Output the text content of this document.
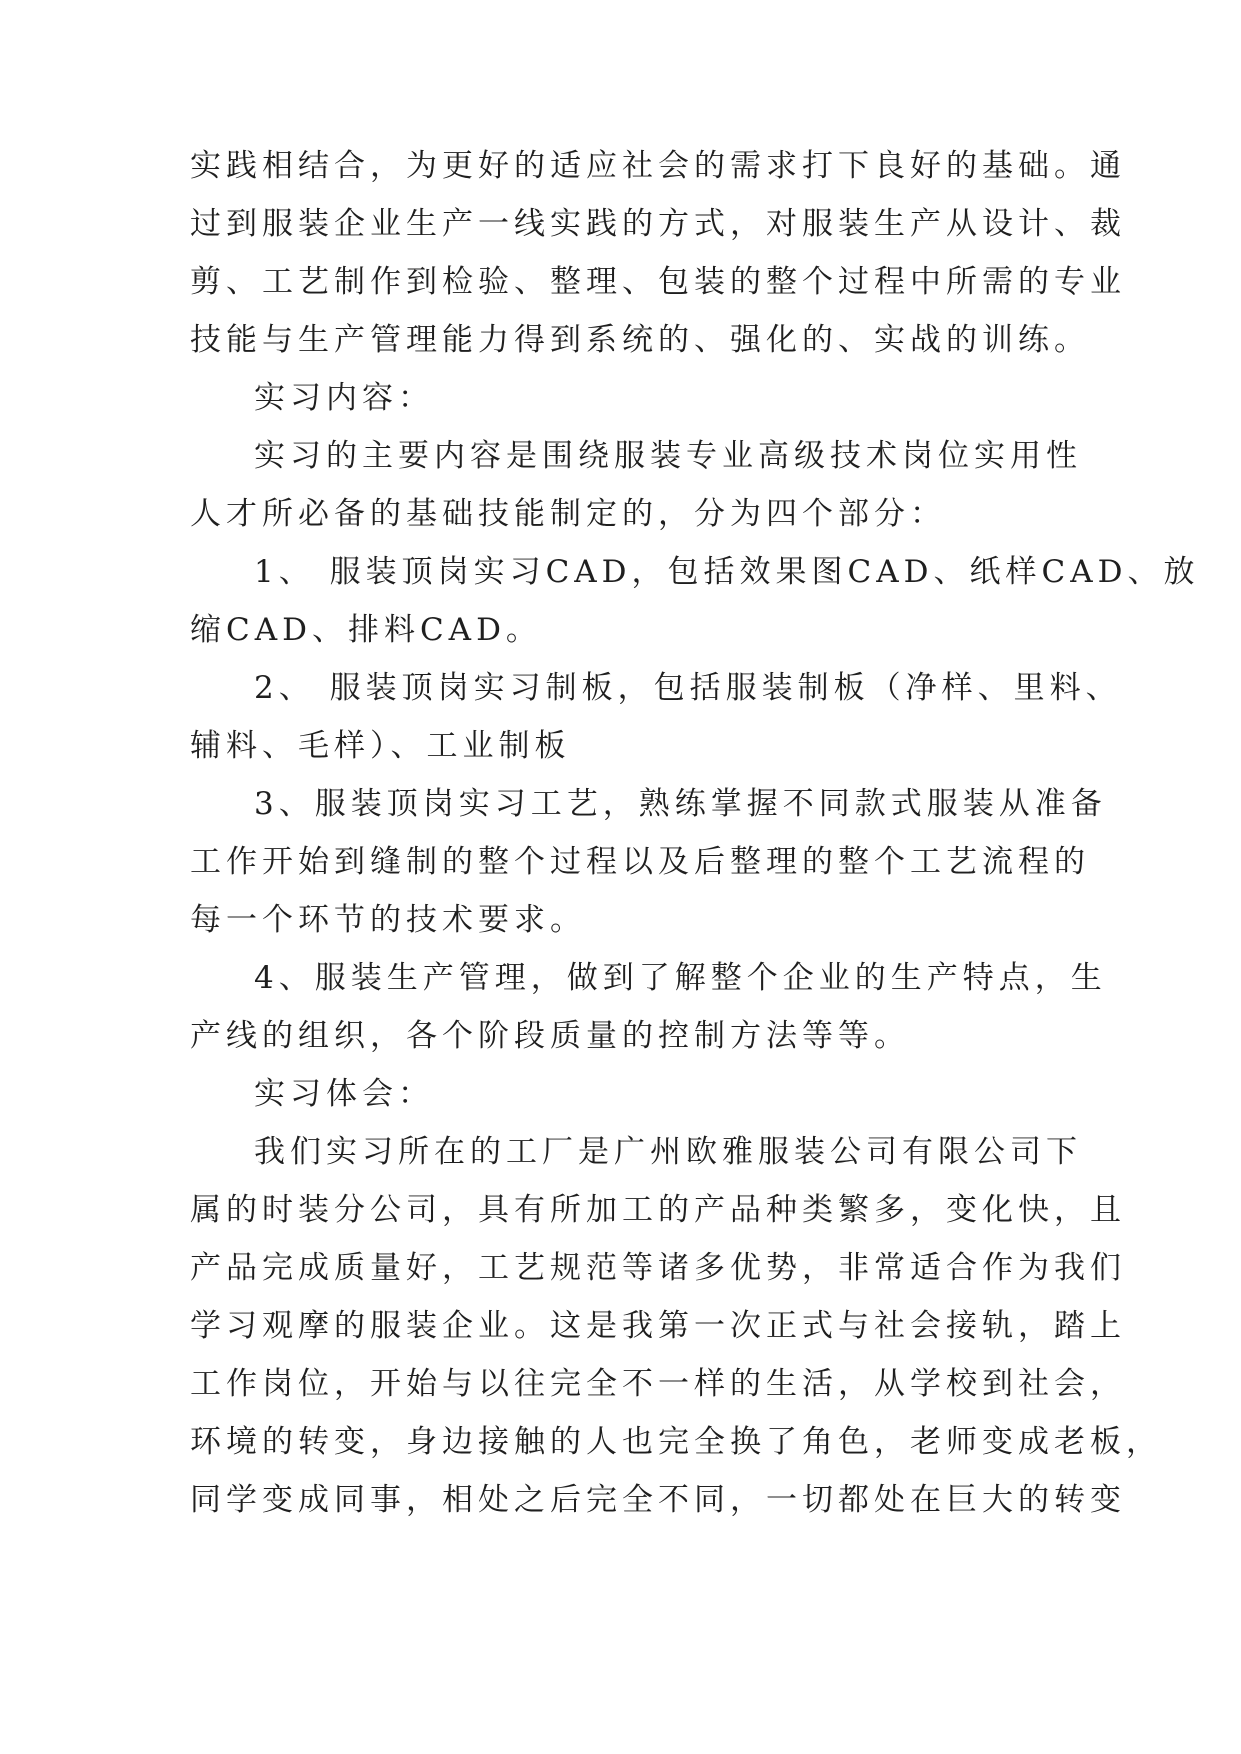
实践相结合，为更好的适应社会的需求打下良好的基础。通
过到服装企业生产一线实践的方式，对服装生产从设计、裁
剪、工艺制作到检验、整理、包装的整个过程中所需的专业
技能与生产管理能力得到系统的、强化的、实战的训练。
实习内容：
实习的主要内容是围绕服装专业高级技术岗位实用性
人才所必备的基础技能制定的，分为四个部分：
1、 服装顶岗实习CAD，包括效果图CAD、纸样CAD、放
缩CAD、排料CAD。
2、 服装顶岗实习制板，包括服装制板（净样、里料、
辅料、毛样）、工业制板
3、服装顶岗实习工艺，熟练掌握不同款式服装从准备
工作开始到缝制的整个过程以及后整理的整个工艺流程的
每一个环节的技术要求。
4、服装生产管理，做到了解整个企业的生产特点，生
产线的组织，各个阶段质量的控制方法等等。
实习体会：
我们实习所在的工厂是广州欧雅服装公司有限公司下
属的时装分公司，具有所加工的产品种类繁多，变化快，且
产品完成质量好，工艺规范等诸多优势，非常适合作为我们
学习观摩的服装企业。这是我第一次正式与社会接轨，踏上
工作岗位，开始与以往完全不一样的生活，从学校到社会，
环境的转变，身边接触的人也完全换了角色，老师变成老板，
同学变成同事，相处之后完全不同，一切都处在巨大的转变
